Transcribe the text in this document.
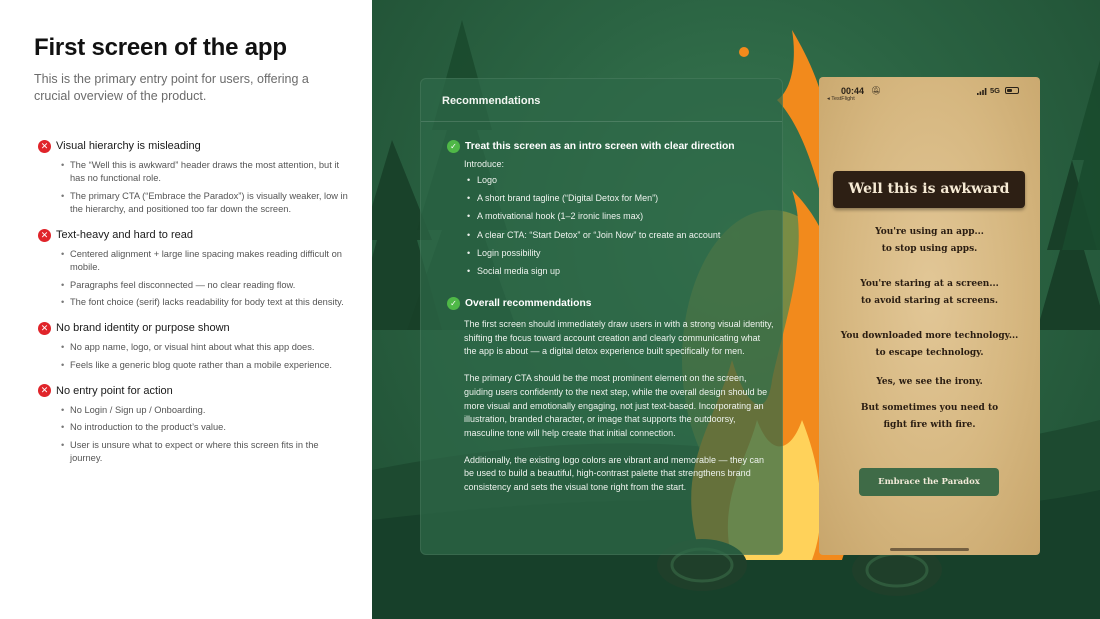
First screen of the app
This is the primary entry point for users, offering a crucial overview of the product.
✕ Visual hierarchy is misleading
• The “Well this is awkward” header draws the most attention, but it has no functional role.
• The primary CTA (“Embrace the Paradox”) is visually weaker, low in the hierarchy, and positioned too far down the screen.
✕ Text-heavy and hard to read
• Centered alignment + large line spacing makes reading difficult on mobile.
• Paragraphs feel disconnected — no clear reading flow.
• The font choice (serif) lacks readability for body text at this density.
✕ No brand identity or purpose shown
• No app name, logo, or visual hint about what this app does.
• Feels like a generic blog quote rather than a mobile experience.
✕ No entry point for action
• No Login / Sign up / Onboarding.
• No introduction to the product’s value.
• User is unsure what to expect or where this screen fits in the journey.
Recommendations
✓ Treat this screen as an intro screen with clear direction
Introduce:
• Logo
• A short brand tagline (“Digital Detox for Men”)
• A motivational hook (1–2 ironic lines max)
• A clear CTA: “Start Detox” or “Join Now” to create an account
• Login possibility
• Social media sign up
✓ Overall recommendations

The first screen should immediately draw users in with a strong visual identity, shifting the focus toward account creation and clearly communicating what the app is about — a digital detox experience built specifically for men.

The primary CTA should be the most prominent element on the screen, guiding users confidently to the next step, while the overall design should be more visual and emotionally engaging, not just text-based. Incorporating an illustration, branded character, or image that supports the outdoorsy, masculine tone will help create that initial connection.

Additionally, the existing logo colors are vibrant and memorable — they can be used to build a beautiful, high-contrast palette that strengthens brand consistency and sets the visual tone right from the start.

00:44 🔕︎
◂ TestFlight
5G
Well this is awkward
You're using an app...
to stop using apps.
You're staring at a screen...
to avoid staring at screens.
You downloaded more technology...
to escape technology.
Yes, we see the irony.
But sometimes you need to
fight fire with fire.
Embrace the Paradox
